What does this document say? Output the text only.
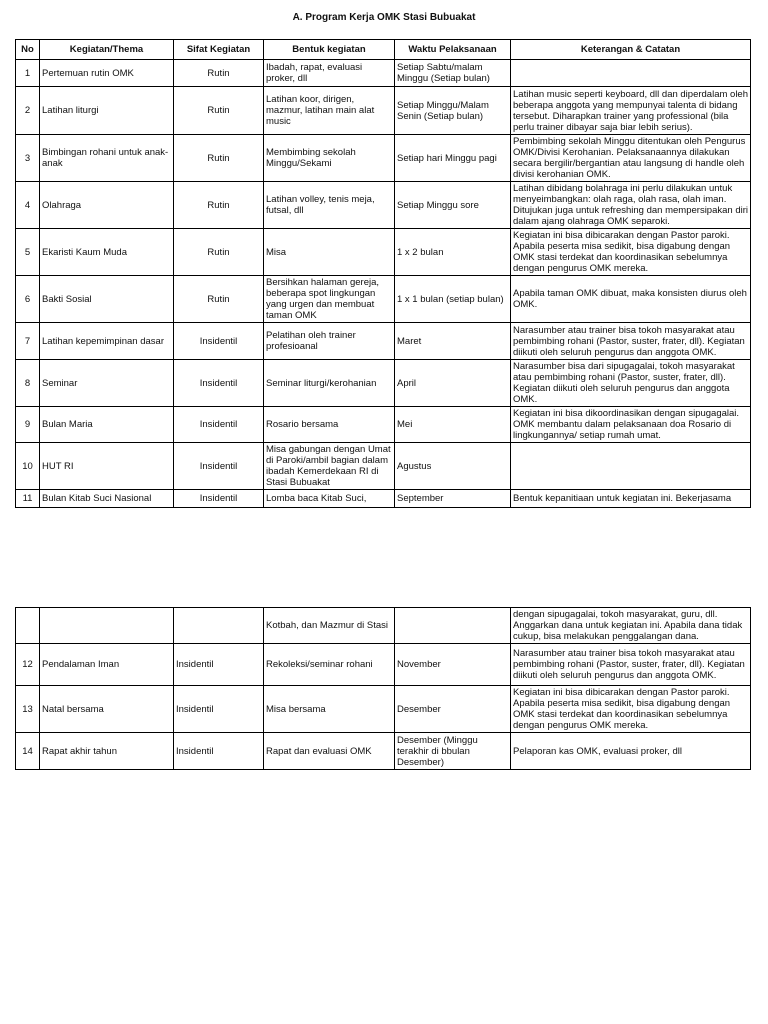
A. Program Kerja OMK Stasi Bubuakat
No	Kegiatan/Thema	Sifat Kegiatan	Bentuk kegiatan	Waktu Pelaksanaan	Keterangan & Catatan
1	Pertemuan rutin OMK	Rutin	Ibadah, rapat, evaluasi proker, dll	Setiap Sabtu/malam Minggu (Setiap bulan)	
2	Latihan liturgi	Rutin	Latihan koor, dirigen, mazmur, latihan main alat music	Setiap Minggu/Malam Senin (Setiap bulan)	Latihan music seperti keyboard, dll dan diperdalam oleh beberapa anggota yang mempunyai talenta di bidang tersebut. Diharapkan trainer yang professional (bila perlu trainer dibayar saja biar lebih serius).
3	Bimbingan rohani untuk anak-anak	Rutin	Membimbing sekolah Minggu/Sekami	Setiap hari Minggu pagi	Pembimbing sekolah Minggu ditentukan oleh Pengurus OMK/Divisi Kerohanian. Pelaksanaannya dilakukan secara bergilir/bergantian atau langsung di handle oleh divisi kerohanian OMK.
4	Olahraga	Rutin	Latihan volley, tenis meja, futsal, dll	Setiap Minggu sore	Latihan dibidang bolahraga ini perlu dilakukan untuk menyeimbangkan: olah raga, olah rasa, olah iman. Ditujukan juga untuk refreshing dan mempersipakan diri dalam ajang olahraga OMK separoki.
5	Ekaristi Kaum Muda	Rutin	Misa	1 x 2 bulan	Kegiatan ini bisa dibicarakan dengan Pastor paroki. Apabila peserta misa sedikit, bisa digabung dengan OMK stasi terdekat dan koordinasikan sebelumnya dengan pengurus OMK mereka.
6	Bakti Sosial	Rutin	Bersihkan halaman gereja, beberapa spot lingkungan yang urgen dan membuat taman OMK	1 x 1 bulan (setiap bulan)	Apabila taman OMK dibuat, maka konsisten diurus oleh OMK.
7	Latihan kepemimpinan dasar	Insidentil	Pelatihan oleh trainer profesioanal	Maret	Narasumber atau trainer bisa tokoh masyarakat atau pembimbing rohani (Pastor, suster, frater, dll). Kegiatan diikuti oleh seluruh pengurus dan anggota OMK.
8	Seminar	Insidentil	Seminar liturgi/kerohanian	April	Narasumber bisa dari sipugagalai, tokoh masyarakat atau pembimbing rohani (Pastor, suster, frater, dll). Kegiatan diikuti oleh seluruh pengurus dan anggota OMK.
9	Bulan Maria	Insidentil	Rosario bersama	Mei	Kegiatan ini bisa dikoordinasikan dengan sipugagalai. OMK membantu dalam pelaksanaan doa Rosario di lingkungannya/ setiap rumah umat.
10	HUT RI	Insidentil	Misa gabungan dengan Umat di Paroki/ambil bagian dalam ibadah Kemerdekaan RI di Stasi Bubuakat	Agustus	
11	Bulan Kitab Suci Nasional	Insidentil	Lomba baca Kitab Suci,	September	Bentuk kepanitiaan untuk kegiatan ini. Bekerjasama
			Kotbah, dan Mazmur di Stasi		dengan sipugagalai, tokoh masyarakat, guru, dll. Anggarkan dana untuk kegiatan ini. Apabila dana tidak cukup, bisa melakukan penggalangan dana.
12	Pendalaman Iman	Insidentil	Rekoleksi/seminar rohani	November	Narasumber atau trainer bisa tokoh masyarakat atau pembimbing rohani (Pastor, suster, frater, dll). Kegiatan diikuti oleh seluruh pengurus dan anggota OMK.
13	Natal bersama	Insidentil	Misa bersama	Desember	Kegiatan ini bisa dibicarakan dengan Pastor paroki. Apabila peserta misa sedikit, bisa digabung dengan OMK stasi terdekat dan koordinasikan sebelumnya dengan pengurus OMK mereka.
14	Rapat akhir tahun	Insidentil	Rapat dan evaluasi OMK	Desember (Minggu terakhir di bbulan Desember)	Pelaporan kas OMK, evaluasi proker, dll
